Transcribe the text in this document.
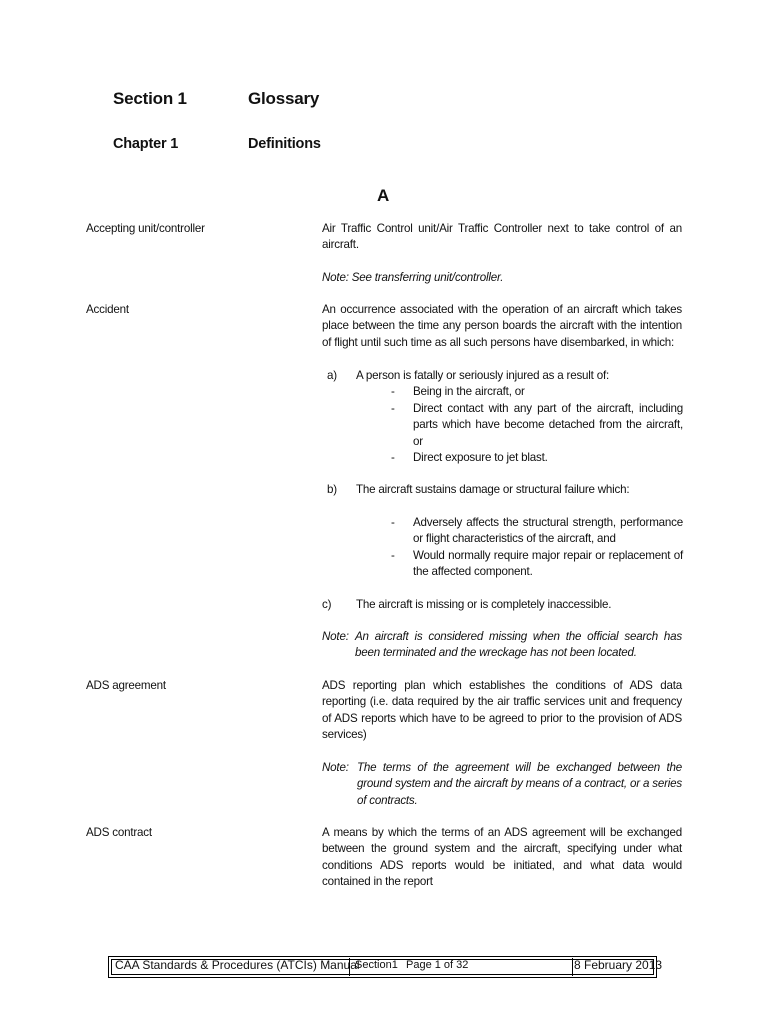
Section 1	Glossary
Chapter 1	Definitions
A
Accepting unit/controller	Air Traffic Control unit/Air Traffic Controller next to take control of an aircraft.
Note: See transferring unit/controller.
Accident	An occurrence associated with the operation of an aircraft which takes place between the time any person boards the aircraft with the intention of flight until such time as all such persons have disembarked, in which:
a) A person is fatally or seriously injured as a result of:
- Being in the aircraft, or
- Direct contact with any part of the aircraft, including parts which have become detached from the aircraft, or
- Direct exposure to jet blast.
b) The aircraft sustains damage or structural failure which:
- Adversely affects the structural strength, performance or flight characteristics of the aircraft, and
- Would normally require major repair or replacement of the affected component.
c) The aircraft is missing or is completely inaccessible.
Note: An aircraft is considered missing when the official search has been terminated and the wreckage has not been located.
ADS agreement	ADS reporting plan which establishes the conditions of ADS data reporting (i.e. data required by the air traffic services unit and frequency of ADS reports which have to be agreed to prior to the provision of ADS services)
Note: The terms of the agreement will be exchanged between the ground system and the aircraft by means of a contract, or a series of contracts.
ADS contract	A means by which the terms of an ADS agreement will be exchanged between the ground system and the aircraft, specifying under what conditions ADS reports would be initiated, and what data would contained in the report
CAA Standards & Procedures (ATCIs) Manual
Section1 Page 1 of 32	8 February 2013
